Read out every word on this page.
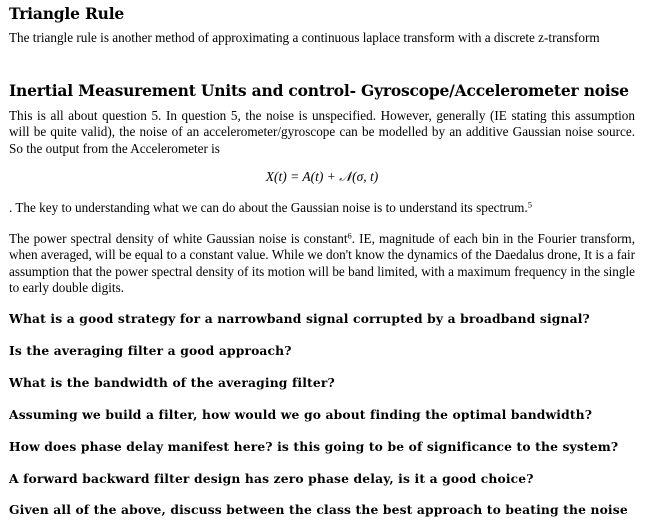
Triangle Rule

The triangle rule is another method of approximating a continuous laplace transform with a discrete z-transform

Inertial Measurement Units and control- Gyroscope/Accelerometer noise

This is all about question 5. In question 5, the noise is unspecified. However, generally (IE stating this assumption will be quite valid), the noise of an accelerometer/gyroscope can be modelled by an additive Gaussian noise source. So the output from the Accelerometer is

X(t) = A(t) + 𝒩(σ, t)

. The key to understanding what we can do about the Gaussian noise is to understand its spectrum.$^5$

The power spectral density of white Gaussian noise is constant$^6$. IE, magnitude of each bin in the Fourier transform, when averaged, will be equal to a constant value. While we don't know the dynamics of the Daedalus drone, It is a fair assumption that the power spectral density of its motion will be band limited, with a maximum frequency in the single to early double digits.

What is a good strategy for a narrowband signal corrupted by a broadband signal?
Is the averaging filter a good approach?
What is the bandwidth of the averaging filter?
Assuming we build a filter, how would we go about finding the optimal bandwidth?
How does phase delay manifest here? is this going to be of significance to the system?
A forward backward filter design has zero phase delay, is it a good choice?
Given all of the above, discuss between the class the best approach to beating the noise
